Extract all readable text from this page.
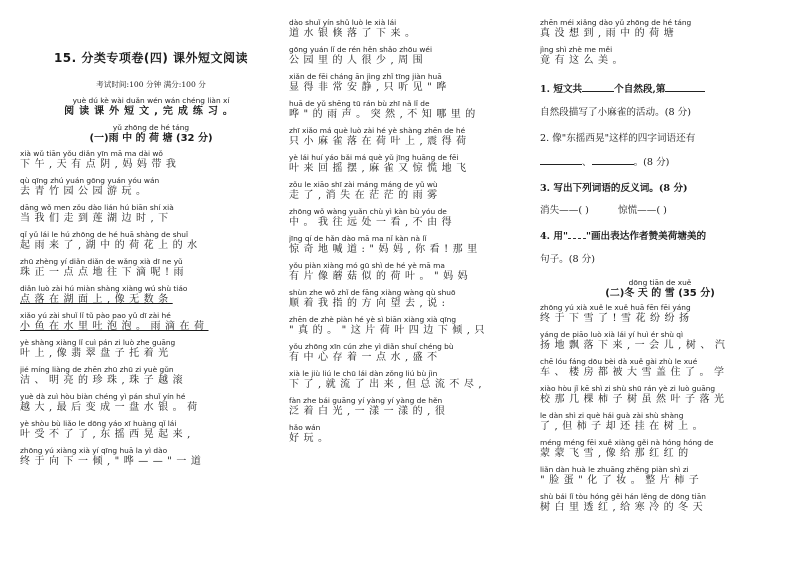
15. 分类专项卷(四) 课外短文阅读
考试时间:100 分钟 满分:100 分
yuè dú kè wài duǎn wén wán chéng liàn xí
阅读课外短文,完成练习。
yǔ zhōng de hé táng
(一)雨 中 的 荷 塘 (32 分)
xià wǔ tiān yǒu diǎn yīn mā ma dài wǒ
下午,天有点阴,妈妈带我
qù qīng zhú yuán gōng yuán yóu wán
去青竹园公园游玩。
dāng wǒ men zǒu dào lián hú biān shí xià
当我们走到莲湖边时,下
qǐ yǔ lái le hú zhōng de hé huā shàng de shuǐ
起雨来了,湖中的荷花上的水
zhū zhèng yí diǎn diǎn de wǎng xià dī ne yǔ
珠正一点点地往下滴呢!雨
diǎn luò zài hú miàn shàng xiàng wú shù tiáo
点落在湖面上,像无数条
xiǎo yú zài shuǐ lǐ tǔ pào pao yǔ dī zài hé
小鱼在水里吐泡泡。雨滴在荷
yè shàng xiàng lǐ cuì pán zi luò zhe guāng
叶上,像翡翠盘子托着光
jié míng liàng de zhēn zhū zhū zi yuè gǔn
洁、明亮的珍珠,珠子越滚
yuè dà zuì hòu biàn chéng yì pán shuǐ yín hé
越大,最后变成一盘水银。荷
yè shòu bù liǎo le dōng yáo xī huàng qǐ lái
叶受不了了,东摇西晃起来,
zhōng yú xiàng xià yí qīng huā la yì dào
终于向下一倾,"哗——"一道
dào shuǐ yín shǔ luò le xià lái
道水银倏落了下来。
gōng yuán lǐ de rén hěn shǎo zhōu wéi
公园里的人很少,周围
xiǎn de fēi cháng ān jìng zhǐ tīng jiàn huā
显得非常安静,只听见"哗
huā de yǔ shēng tū rán bù zhī nǎ lǐ de
哗"的雨声。突然,不知哪里的
zhī xiǎo má què luò zài hé yè shàng zhēn de hé
只小麻雀落在荷叶上,震得荷
yè lái huí yáo bǎi má què yǔ jīng huāng de fēi
叶来回摇摆,麻雀又惊慌地飞
zǒu le xiāo shī zài máng máng de yǔ wù
走了,消失在茫茫的雨雾
zhōng wǒ wàng yuǎn chù yì kàn bù yóu de
中。我往远处一看,不由得
jīng qí de hǎn dào mā ma nǐ kàn nà lǐ
惊奇地喊道:"妈妈,你看!那里
yǒu piàn xiàng mó gū shì de hé yè mā ma
有片像蘑菇似的荷叶。"妈妈
shùn zhe wǒ zhǐ de fāng xiàng wàng qù shuō
顺着我指的方向望去,说:
zhēn de zhè piàn hé yè sì biān xiàng xià qīng
"真的。"这片荷叶四边下倾,只
yǒu zhōng xīn cún zhe yì diǎn shuǐ chéng bù
有中心存着一点水,盛不
xià le jiù liú le chū lái dàn zǒng liú bù jìn
下了,就流了出来,但总流不尽,
fàn zhe bái guāng yí yàng yí yàng de hěn
泛着白光,一漾一漾的,很
hǎo wán
好玩。
zhēn méi xiǎng dào yǔ zhōng de hé táng
真没想到,雨中的荷塘
jìng shì zhè me měi
竟有这么美。
1. 短文共	个自然段,第
自然段描写了小麻雀的活动。(8 分)
2. 像"东摇西晃"这样的四字词语还有
、	。(8 分)
3. 写出下列词语的反义词。(8 分)
消失——( )	惊慌——( )
4. 用" "画出表达作者赞美荷塘美的
句子。(8 分)
dōng tiān de xuě
(二)冬 天 的 雪 (35 分)
zhōng yú xià xuě le xuě huā fēn fēi yáng
终于下雪了!雪花纷纷扬
yáng de piāo luò xià lái yí huì ér shù qì
扬地飘落下来,一会儿,树、汽
chē lóu fáng dōu bèi dà xuě gài zhù le xué
车、楼房都被大雪盖住了。学
xiào hòu jǐ kē shì zi shù shū rán yè zi luò guāng
校那几棵柿子树虽然叶子落光
le dàn shì zi què hái guà zài shù shàng
了,但柿子却还挂在树上。
méng méng fēi xuě xiàng gěi nà hóng hóng de
蒙蒙飞雪,像给那红红的
liǎn dàn huà le zhuāng zhěng piàn shì zi
"脸蛋"化了妆。整片柿子
shù bái lǐ tòu hóng gěi hán lěng de dōng tiān
树白里透红,给寒冷的冬天
